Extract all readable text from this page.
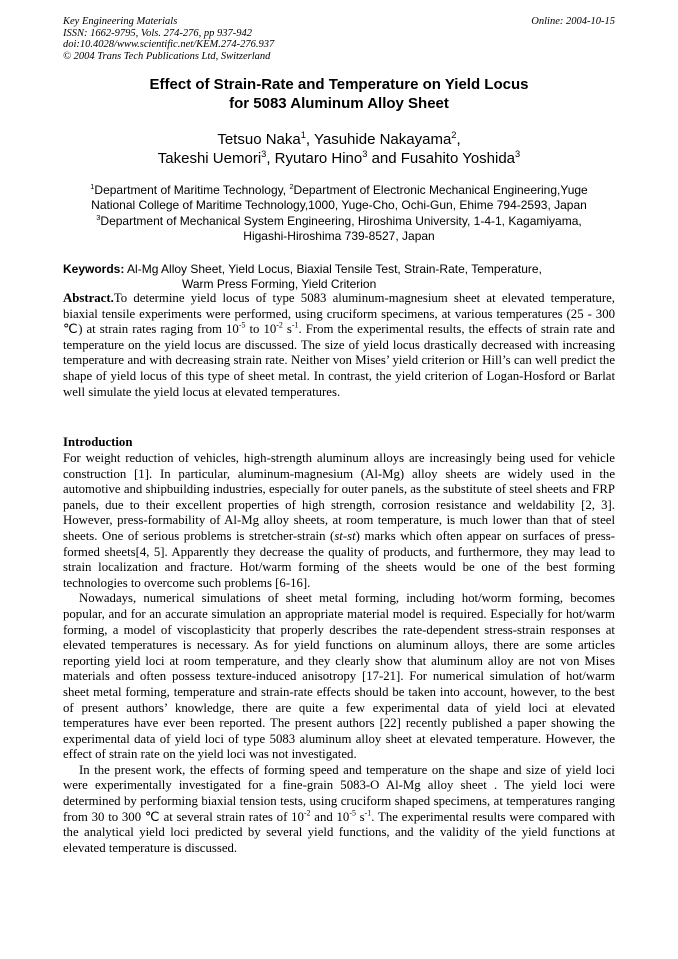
Key Engineering Materials
ISSN: 1662-9795, Vols. 274-276, pp 937-942
doi:10.4028/www.scientific.net/KEM.274-276.937
© 2004 Trans Tech Publications Ltd, Switzerland
Online: 2004-10-15
Effect of Strain-Rate and Temperature on Yield Locus
for 5083 Aluminum Alloy Sheet
Tetsuo Naka$^1$, Yasuhide Nakayama$^2$,
Takeshi Uemori$^3$, Ryutaro Hino$^3$ and Fusahito Yoshida$^3$
$^1$Department of Maritime Technology, $^2$Department of Electronic Mechanical Engineering,Yuge
National College of Maritime Technology,1000, Yuge-Cho, Ochi-Gun, Ehime 794-2593, Japan
$^3$Department of Mechanical System Engineering, Hiroshima University, 1-4-1, Kagamiyama,
Higashi-Hiroshima 739-8527, Japan
Keywords: Al-Mg Alloy Sheet, Yield Locus, Biaxial Tensile Test, Strain-Rate, Temperature,
Warm Press Forming, Yield Criterion

Abstract.To determine yield locus of type 5083 aluminum-magnesium sheet at elevated temperature, biaxial tensile experiments were performed, using cruciform specimens, at various temperatures (25 - 300 ℃) at strain rates raging from $10^{-5}$ to $10^{-2}$ $s^{-1}$. From the experimental results, the effects of strain rate and temperature on the yield locus are discussed. The size of yield locus drastically decreased with increasing temperature and with decreasing strain rate. Neither von Mises’ yield criterion or Hill’s can well predict the shape of yield locus of this type of sheet metal. In contrast, the yield criterion of Logan-Hosford or Barlat well simulate the yield locus at elevated temperatures.

Introduction

For weight reduction of vehicles, high-strength aluminum alloys are increasingly being used for vehicle construction [1]. In particular, aluminum-magnesium (Al-Mg) alloy sheets are widely used in the automotive and shipbuilding industries, especially for outer panels, as the substitute of steel sheets and FRP panels, due to their excellent properties of high strength, corrosion resistance and weldability [2, 3]. However, press-formability of Al-Mg alloy sheets, at room temperature, is much lower than that of steel sheets. One of serious problems is stretcher-strain (st-st) marks which often appear on surfaces of press-formed sheets[4, 5]. Apparently they decrease the quality of products, and furthermore, they may lead to strain localization and fracture. Hot/warm forming of the sheets would be one of the best forming technologies to overcome such problems [6-16].

Nowadays, numerical simulations of sheet metal forming, including hot/worm forming, becomes popular, and for an accurate simulation an appropriate material model is required. Especially for hot/warm forming, a model of viscoplasticity that properly describes the rate-dependent stress-strain responses at elevated temperatures is necessary. As for yield functions on aluminum alloys, there are some articles reporting yield loci at room temperature, and they clearly show that aluminum alloy are not von Mises materials and often possess texture-induced anisotropy [17-21]. For numerical simulation of hot/warm sheet metal forming, temperature and strain-rate effects should be taken into account, however, to the best of present authors’ knowledge, there are quite a few experimental data of yield loci at elevated temperatures have ever been reported. The present authors [22] recently published a paper showing the experimental data of yield loci of type 5083 aluminum alloy sheet at elevated temperature. However, the effect of strain rate on the yield loci was not investigated.

In the present work, the effects of forming speed and temperature on the shape and size of yield loci were experimentally investigated for a fine-grain 5083-O Al-Mg alloy sheet . The yield loci were determined by performing biaxial tension tests, using cruciform shaped specimens, at temperatures ranging from 30 to 300 ℃ at several strain rates of $10^{-2}$ and $10^{-5}$ $s^{-1}$. The experimental results were compared with the analytical yield loci predicted by several yield functions, and the validity of the yield functions at elevated temperature is discussed.
